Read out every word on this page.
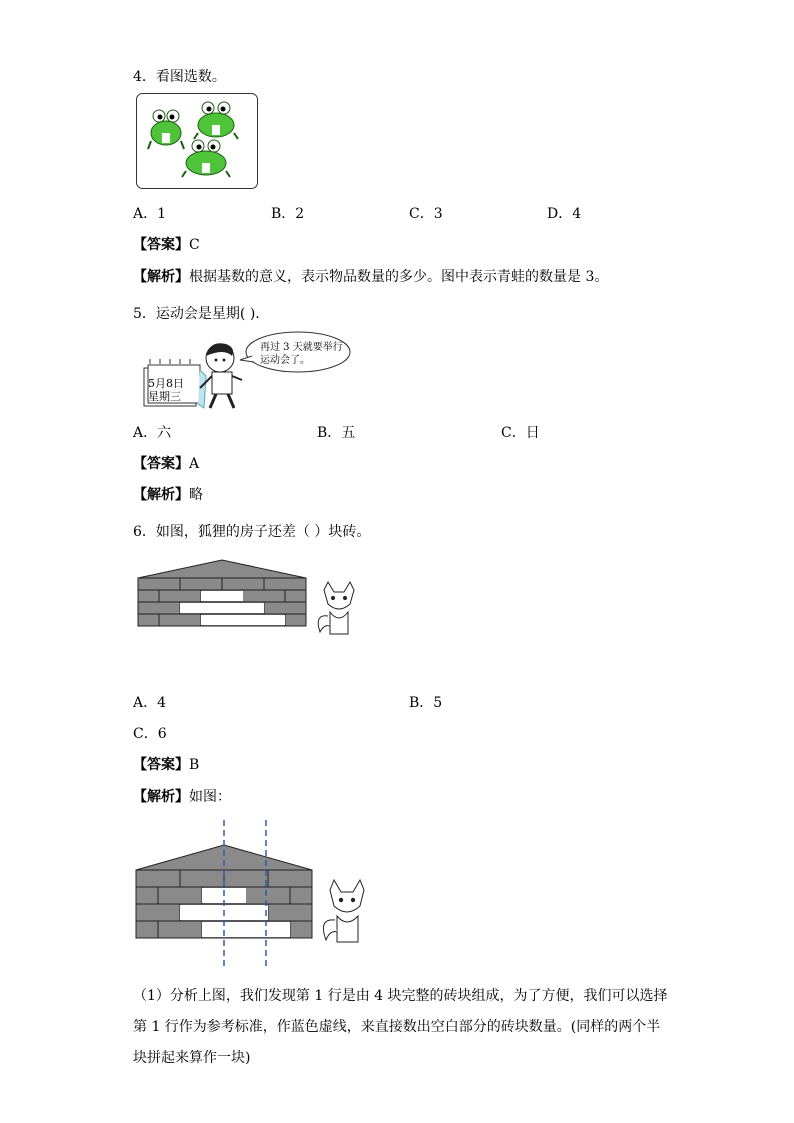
4．看图选数。
A．1	B．2	C．3	D．4
【答案】C
【解析】根据基数的意义，表示物品数量的多少。图中表示青蛙的数量是 3。
5．运动会是星期( ).
5月8日
星期三
再过 3 天就要举行
运动会了。
A．六	B．五	C．日
【答案】A
【解析】略
6．如图，狐狸的房子还差（ ）块砖。
A．4	B．5
C．6
【答案】B
【解析】如图：
（1）分析上图，我们发现第 1 行是由 4 块完整的砖块组成，为了方便，我们可以选择
第 1 行作为参考标准，作蓝色虚线，来直接数出空白部分的砖块数量。(同样的两个半
块拼起来算作一块)
